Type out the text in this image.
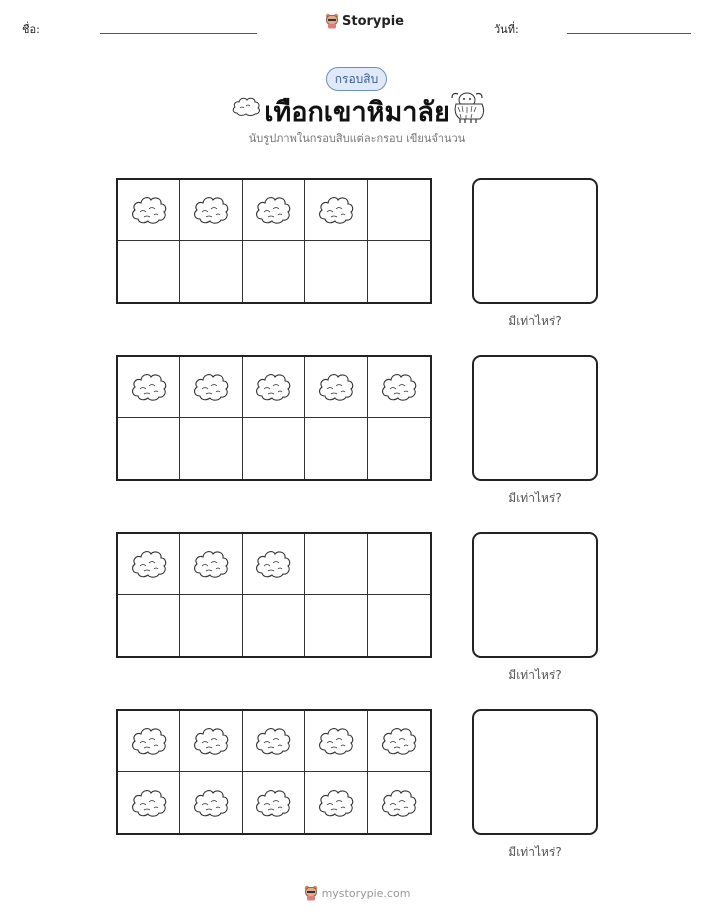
ชื่อ:
Storypie
วันที่:
กรอบสิบ
เทือกเขาหิมาลัย
นับรูปภาพในกรอบสิบแต่ละกรอบ เขียนจำนวน
มีเท่าไหร่?
มีเท่าไหร่?
มีเท่าไหร่?
มีเท่าไหร่?
mystorypie.com
